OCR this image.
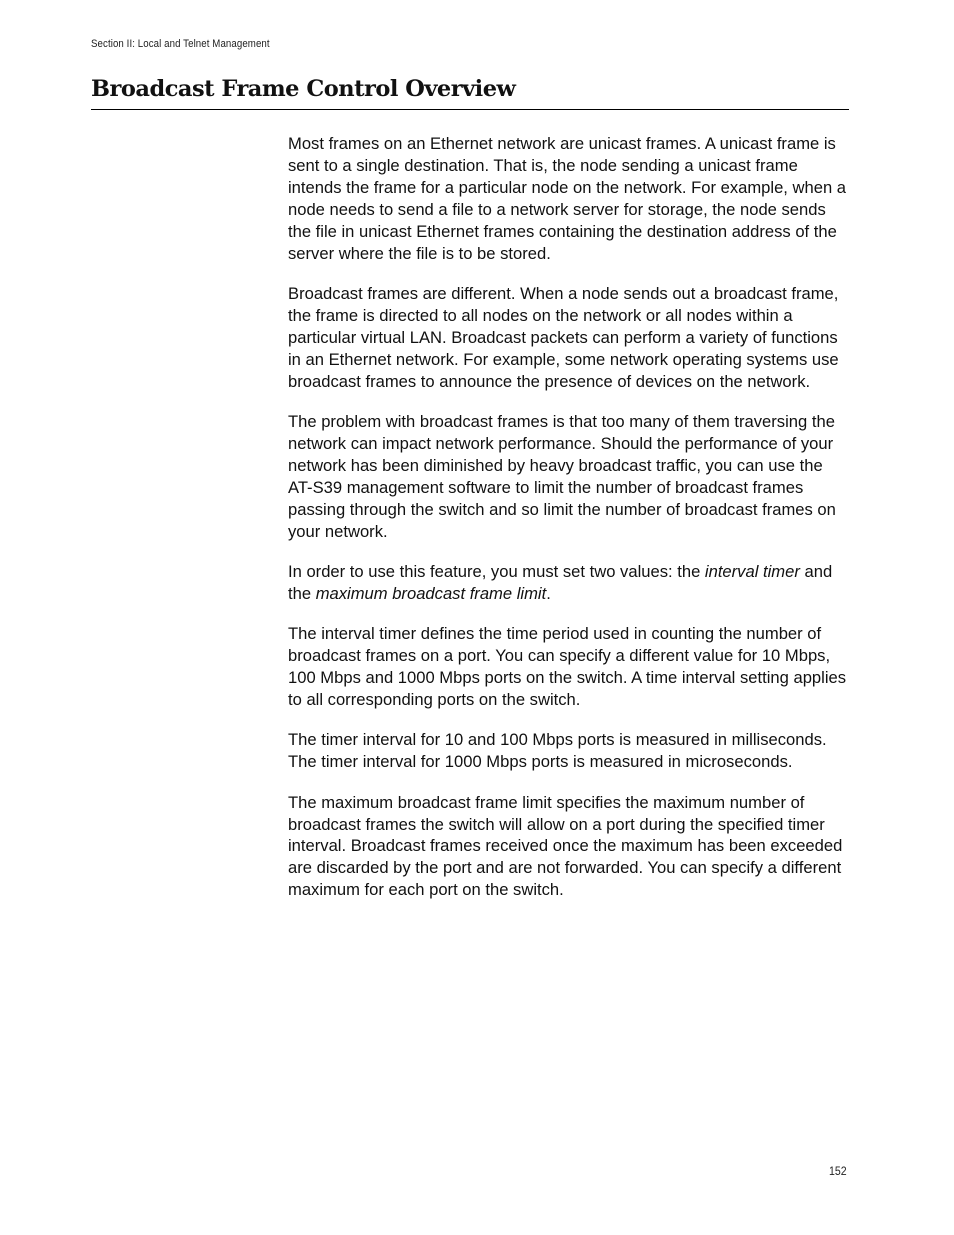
Section II: Local and Telnet Management
Broadcast Frame Control Overview

Most frames on an Ethernet network are unicast frames. A unicast frame is sent to a single destination. That is, the node sending a unicast frame intends the frame for a particular node on the network. For example, when a node needs to send a file to a network server for storage, the node sends the file in unicast Ethernet frames containing the destination address of the server where the file is to be stored.

Broadcast frames are different. When a node sends out a broadcast frame, the frame is directed to all nodes on the network or all nodes within a particular virtual LAN. Broadcast packets can perform a variety of functions in an Ethernet network. For example, some network operating systems use broadcast frames to announce the presence of devices on the network.

The problem with broadcast frames is that too many of them traversing the network can impact network performance. Should the performance of your network has been diminished by heavy broadcast traffic, you can use the AT-S39 management software to limit the number of broadcast frames passing through the switch and so limit the number of broadcast frames on your network.

In order to use this feature, you must set two values: the interval timer and the maximum broadcast frame limit.

The interval timer defines the time period used in counting the number of broadcast frames on a port. You can specify a different value for 10 Mbps, 100 Mbps and 1000 Mbps ports on the switch. A time interval setting applies to all corresponding ports on the switch.

The timer interval for 10 and 100 Mbps ports is measured in milliseconds. The timer interval for 1000 Mbps ports is measured in microseconds.

The maximum broadcast frame limit specifies the maximum number of broadcast frames the switch will allow on a port during the specified timer interval. Broadcast frames received once the maximum has been exceeded are discarded by the port and are not forwarded. You can specify a different maximum for each port on the switch.

152
